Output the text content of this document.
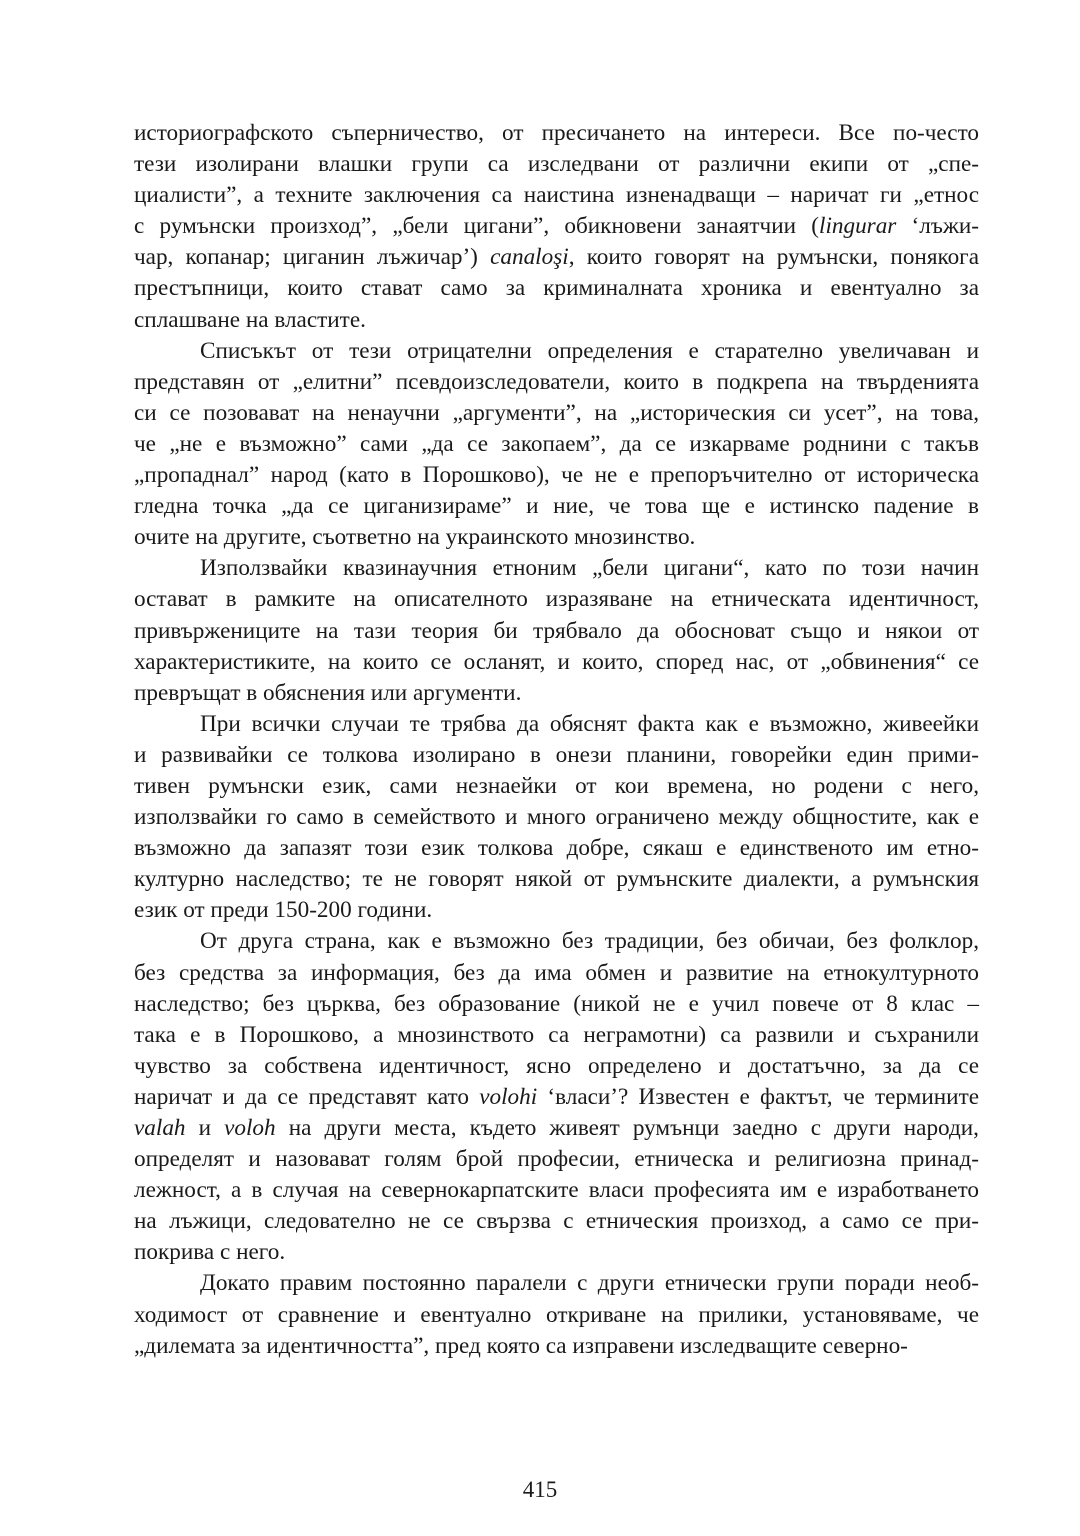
историографското съперничество, от пресичането на интереси. Все по-често
тези изолирани влашки групи са изследвани от различни екипи от „спе-
циалисти”, а техните заключения са наистина изненадващи – наричат ги „етнос
с румънски произход”, „бели цигани”, обикновени занаятчии (lingurar ‘лъжи-
чар, копанар; циганин лъжичар’) canaloşi, които говорят на румънски, понякога
престъпници, които стават само за криминалната хроника и евентуално за
сплашване на властите.

Списъкът от тези отрицателни определения е старателно увеличаван и
представян от „елитни” псевдоизследователи, които в подкрепа на твърденията
си се позовават на ненаучни „аргументи”, на „историческия си усет”, на това,
че „не е възможно” сами „да се закопаем”, да се изкарваме роднини с такъв
„пропаднал” народ (като в Порошково), че не е препоръчително от историческа
гледна точка „да се циганизираме” и ние, че това ще е истинско падение в
очите на другите, съответно на украинското мнозинство.

Използвайки квазинаучния етноним „бели цигани“, като по този начин
остават в рамките на описателното изразяване на етническата идентичност,
привържениците на тази теория би трябвало да обосноват също и някои от
характеристиките, на които се осланят, и които, според нас, от „обвинения“ се
превръщат в обяснения или аргументи.

При всички случаи те трябва да обяснят факта как е възможно, живеейки
и развивайки се толкова изолирано в онези планини, говорейки един прими-
тивен румънски език, сами незнаейки от кои времена, но родени с него,
използвайки го само в семейството и много ограничено между общностите, как е
възможно да запазят този език толкова добре, сякаш е единственото им етно-
културно наследство; те не говорят някой от румънските диалекти, а румънския
език от преди 150-200 години.

От друга страна, как е възможно без традиции, без обичаи, без фолклор,
без средства за информация, без да има обмен и развитие на етнокултурното
наследство; без църква, без образование (никой не е учил повече от 8 клас –
така е в Порошково, а мнозинството са неграмотни) са развили и съхранили
чувство за собствена идентичност, ясно определено и достатъчно, за да се
наричат и да се представят като volohi ‘власи’? Известен е фактът, че термините
valah и voloh на други места, където живеят румънци заедно с други народи,
определят и назовават голям брой професии, етническа и религиозна принад-
лежност, а в случая на севернокарпатските власи професията им е изработването
на лъжици, следователно не се свързва с етническия произход, а само се при-
покрива с него.

Докато правим постоянно паралели с други етнически групи поради необ-
ходимост от сравнение и евентуално откриване на прилики, установяваме, че
„дилемата за идентичността”, пред която са изправени изследващите северно-

415
